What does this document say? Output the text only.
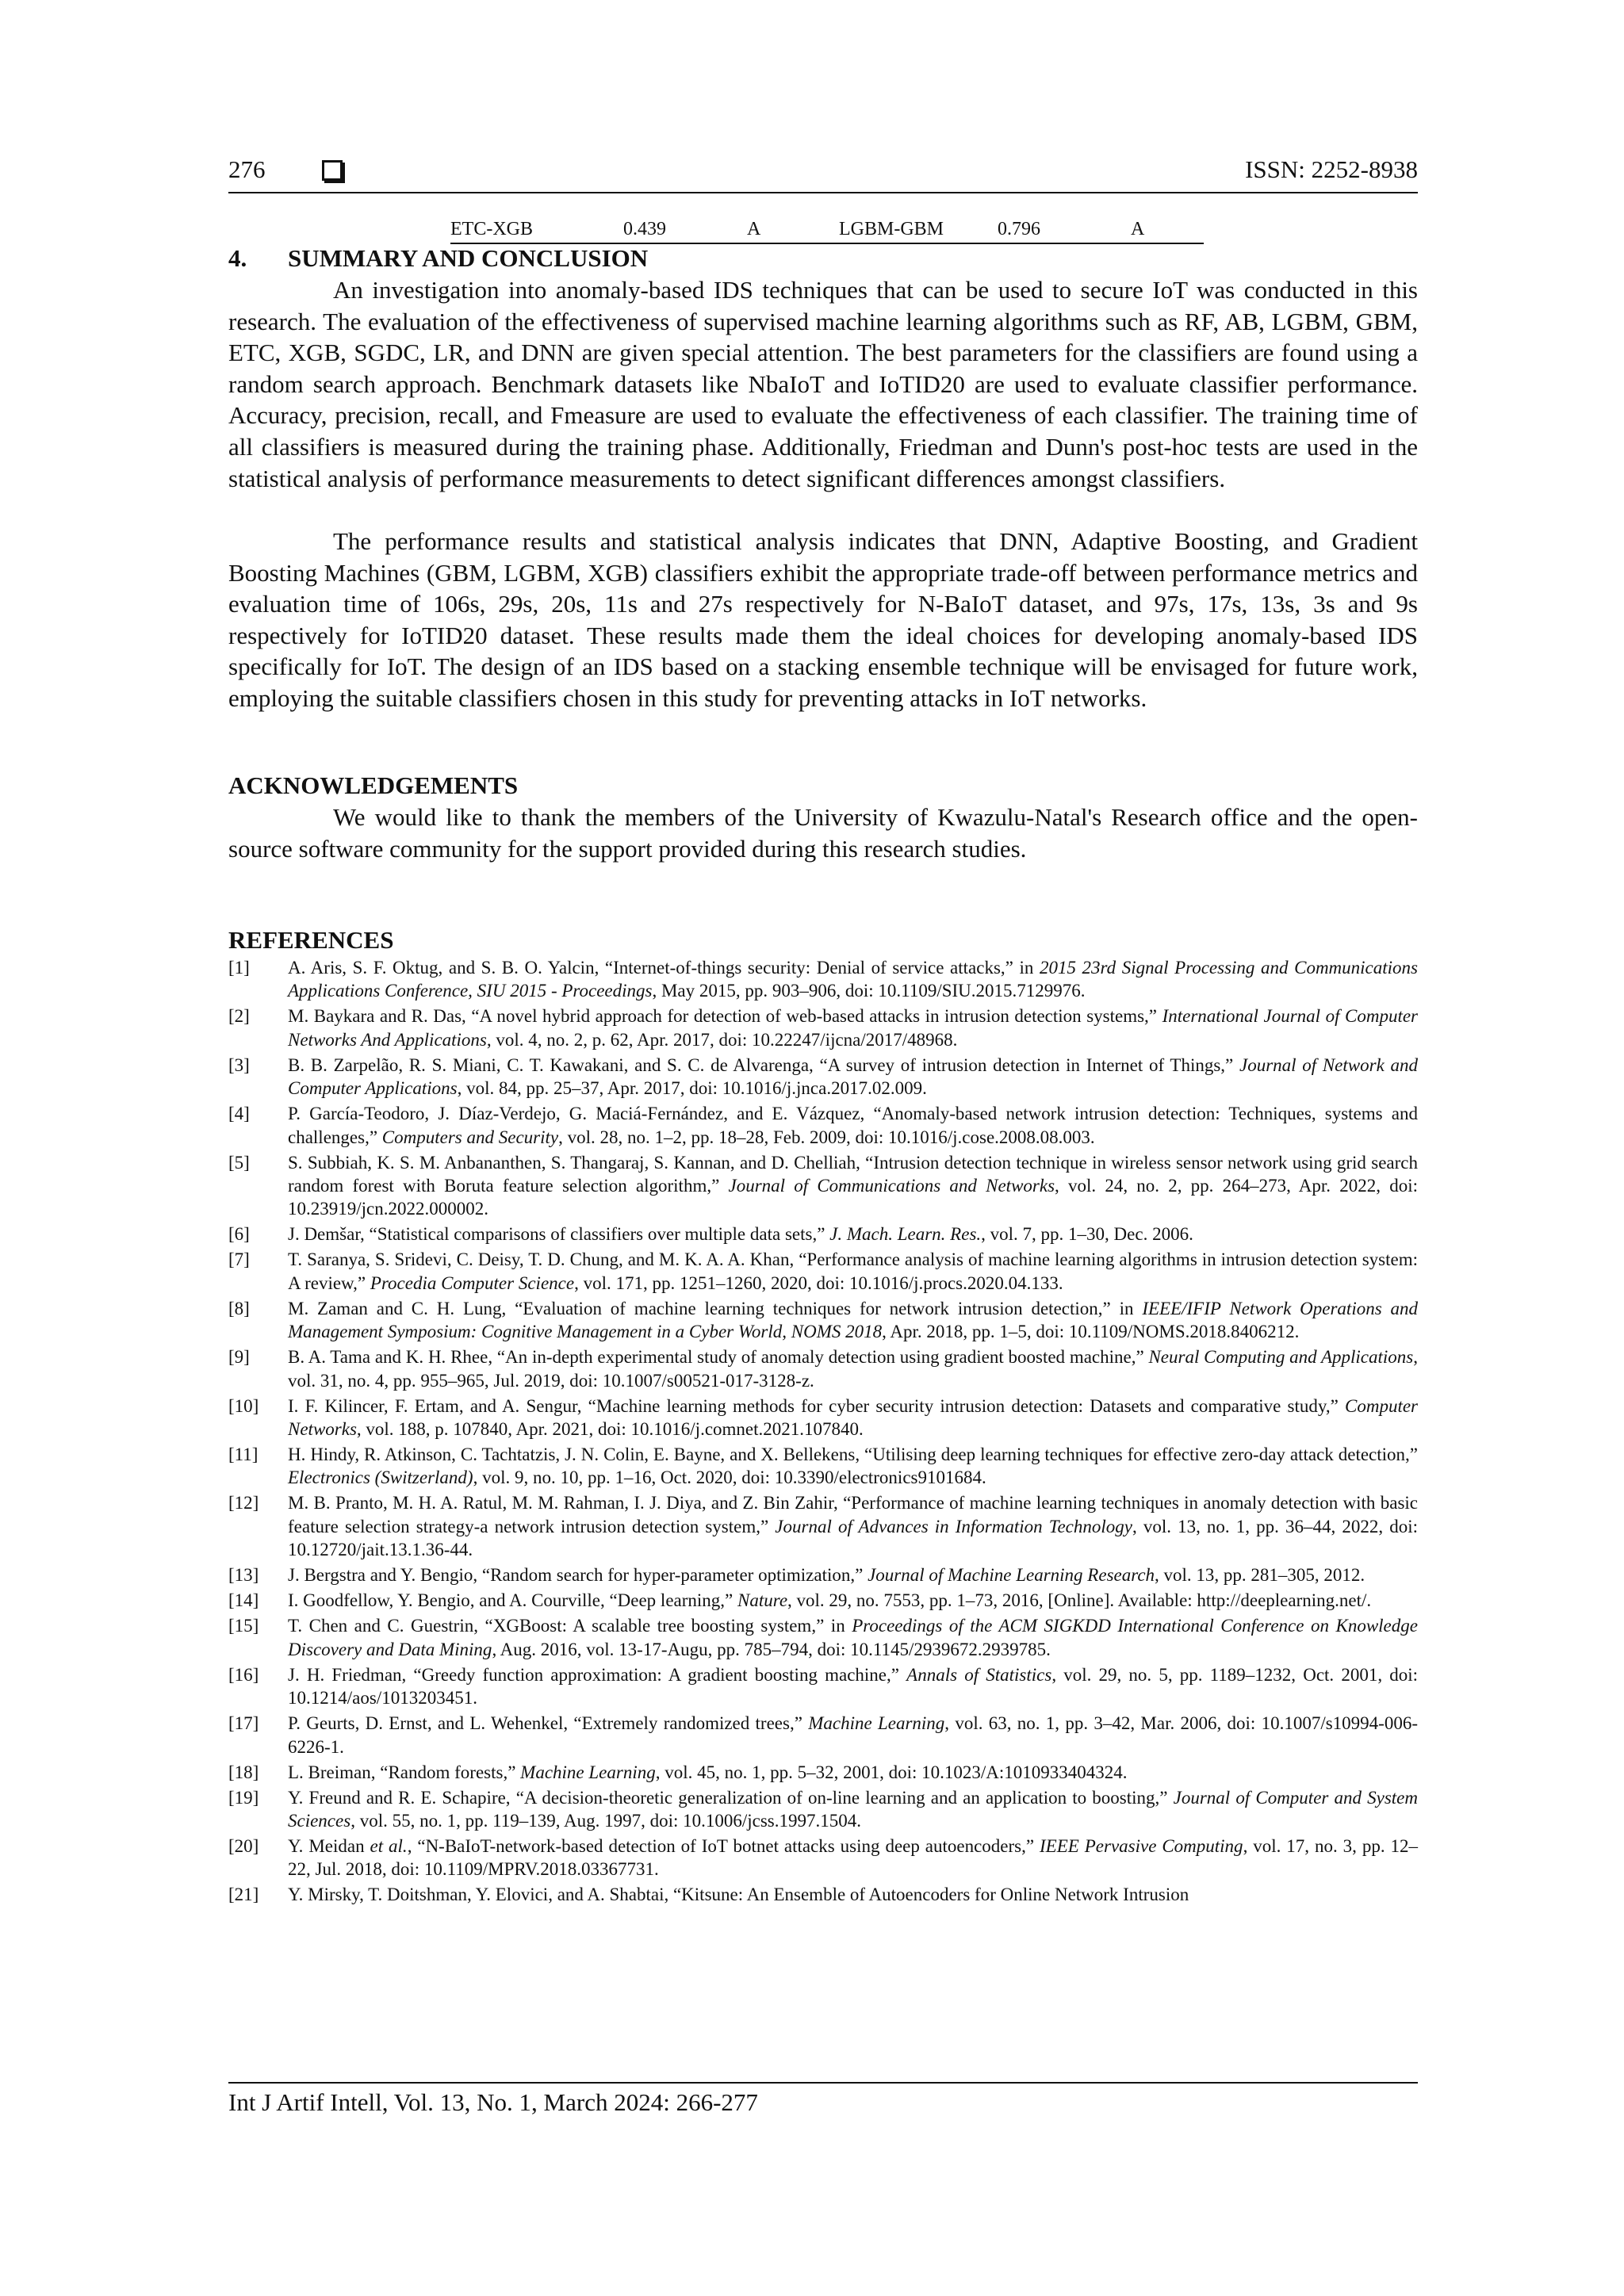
276	ISSN: 2252-8938
ETC-XGB	0.439	A	LGBM-GBM	0.796	A
4. SUMMARY AND CONCLUSION
An investigation into anomaly-based IDS techniques that can be used to secure IoT was conducted in this research. The evaluation of the effectiveness of supervised machine learning algorithms such as RF, AB, LGBM, GBM, ETC, XGB, SGDC, LR, and DNN are given special attention. The best parameters for the classifiers are found using a random search approach. Benchmark datasets like NbaIoT and IoTID20 are used to evaluate classifier performance. Accuracy, precision, recall, and Fmeasure are used to evaluate the effectiveness of each classifier. The training time of all classifiers is measured during the training phase. Additionally, Friedman and Dunn's post-hoc tests are used in the statistical analysis of performance measurements to detect significant differences amongst classifiers.
The performance results and statistical analysis indicates that DNN, Adaptive Boosting, and Gradient Boosting Machines (GBM, LGBM, XGB) classifiers exhibit the appropriate trade-off between performance metrics and evaluation time of 106s, 29s, 20s, 11s and 27s respectively for N-BaIoT dataset, and 97s, 17s, 13s, 3s and 9s respectively for IoTID20 dataset. These results made them the ideal choices for developing anomaly-based IDS specifically for IoT. The design of an IDS based on a stacking ensemble technique will be envisaged for future work, employing the suitable classifiers chosen in this study for preventing attacks in IoT networks.
ACKNOWLEDGEMENTS
We would like to thank the members of the University of Kwazulu-Natal's Research office and the open-source software community for the support provided during this research studies.
REFERENCES
[1]	A. Aris, S. F. Oktug, and S. B. O. Yalcin, “Internet-of-things security: Denial of service attacks,” in 2015 23rd Signal Processing and Communications Applications Conference, SIU 2015 - Proceedings, May 2015, pp. 903–906, doi: 10.1109/SIU.2015.7129976.
[2]	M. Baykara and R. Das, “A novel hybrid approach for detection of web-based attacks in intrusion detection systems,” International Journal of Computer Networks And Applications, vol. 4, no. 2, p. 62, Apr. 2017, doi: 10.22247/ijcna/2017/48968.
[3]	B. B. Zarpelão, R. S. Miani, C. T. Kawakani, and S. C. de Alvarenga, “A survey of intrusion detection in Internet of Things,” Journal of Network and Computer Applications, vol. 84, pp. 25–37, Apr. 2017, doi: 10.1016/j.jnca.2017.02.009.
[4]	P. García-Teodoro, J. Díaz-Verdejo, G. Maciá-Fernández, and E. Vázquez, “Anomaly-based network intrusion detection: Techniques, systems and challenges,” Computers and Security, vol. 28, no. 1–2, pp. 18–28, Feb. 2009, doi: 10.1016/j.cose.2008.08.003.
[5]	S. Subbiah, K. S. M. Anbananthen, S. Thangaraj, S. Kannan, and D. Chelliah, “Intrusion detection technique in wireless sensor network using grid search random forest with Boruta feature selection algorithm,” Journal of Communications and Networks, vol. 24, no. 2, pp. 264–273, Apr. 2022, doi: 10.23919/jcn.2022.000002.
[6]	J. Demšar, “Statistical comparisons of classifiers over multiple data sets,” J. Mach. Learn. Res., vol. 7, pp. 1–30, Dec. 2006.
[7]	T. Saranya, S. Sridevi, C. Deisy, T. D. Chung, and M. K. A. A. Khan, “Performance analysis of machine learning algorithms in intrusion detection system: A review,” Procedia Computer Science, vol. 171, pp. 1251–1260, 2020, doi: 10.1016/j.procs.2020.04.133.
[8]	M. Zaman and C. H. Lung, “Evaluation of machine learning techniques for network intrusion detection,” in IEEE/IFIP Network Operations and Management Symposium: Cognitive Management in a Cyber World, NOMS 2018, Apr. 2018, pp. 1–5, doi: 10.1109/NOMS.2018.8406212.
[9]	B. A. Tama and K. H. Rhee, “An in-depth experimental study of anomaly detection using gradient boosted machine,” Neural Computing and Applications, vol. 31, no. 4, pp. 955–965, Jul. 2019, doi: 10.1007/s00521-017-3128-z.
[10]	I. F. Kilincer, F. Ertam, and A. Sengur, “Machine learning methods for cyber security intrusion detection: Datasets and comparative study,” Computer Networks, vol. 188, p. 107840, Apr. 2021, doi: 10.1016/j.comnet.2021.107840.
[11]	H. Hindy, R. Atkinson, C. Tachtatzis, J. N. Colin, E. Bayne, and X. Bellekens, “Utilising deep learning techniques for effective zero-day attack detection,” Electronics (Switzerland), vol. 9, no. 10, pp. 1–16, Oct. 2020, doi: 10.3390/electronics9101684.
[12]	M. B. Pranto, M. H. A. Ratul, M. M. Rahman, I. J. Diya, and Z. Bin Zahir, “Performance of machine learning techniques in anomaly detection with basic feature selection strategy-a network intrusion detection system,” Journal of Advances in Information Technology, vol. 13, no. 1, pp. 36–44, 2022, doi: 10.12720/jait.13.1.36-44.
[13]	J. Bergstra and Y. Bengio, “Random search for hyper-parameter optimization,” Journal of Machine Learning Research, vol. 13, pp. 281–305, 2012.
[14]	I. Goodfellow, Y. Bengio, and A. Courville, “Deep learning,” Nature, vol. 29, no. 7553, pp. 1–73, 2016, [Online]. Available: http://deeplearning.net/.
[15]	T. Chen and C. Guestrin, “XGBoost: A scalable tree boosting system,” in Proceedings of the ACM SIGKDD International Conference on Knowledge Discovery and Data Mining, Aug. 2016, vol. 13-17-Augu, pp. 785–794, doi: 10.1145/2939672.2939785.
[16]	J. H. Friedman, “Greedy function approximation: A gradient boosting machine,” Annals of Statistics, vol. 29, no. 5, pp. 1189–1232, Oct. 2001, doi: 10.1214/aos/1013203451.
[17]	P. Geurts, D. Ernst, and L. Wehenkel, “Extremely randomized trees,” Machine Learning, vol. 63, no. 1, pp. 3–42, Mar. 2006, doi: 10.1007/s10994-006-6226-1.
[18]	L. Breiman, “Random forests,” Machine Learning, vol. 45, no. 1, pp. 5–32, 2001, doi: 10.1023/A:1010933404324.
[19]	Y. Freund and R. E. Schapire, “A decision-theoretic generalization of on-line learning and an application to boosting,” Journal of Computer and System Sciences, vol. 55, no. 1, pp. 119–139, Aug. 1997, doi: 10.1006/jcss.1997.1504.
[20]	Y. Meidan et al., “N-BaIoT-network-based detection of IoT botnet attacks using deep autoencoders,” IEEE Pervasive Computing, vol. 17, no. 3, pp. 12–22, Jul. 2018, doi: 10.1109/MPRV.2018.03367731.
[21]	Y. Mirsky, T. Doitshman, Y. Elovici, and A. Shabtai, “Kitsune: An Ensemble of Autoencoders for Online Network Intrusion
Int J Artif Intell, Vol. 13, No. 1, March 2024: 266-277
